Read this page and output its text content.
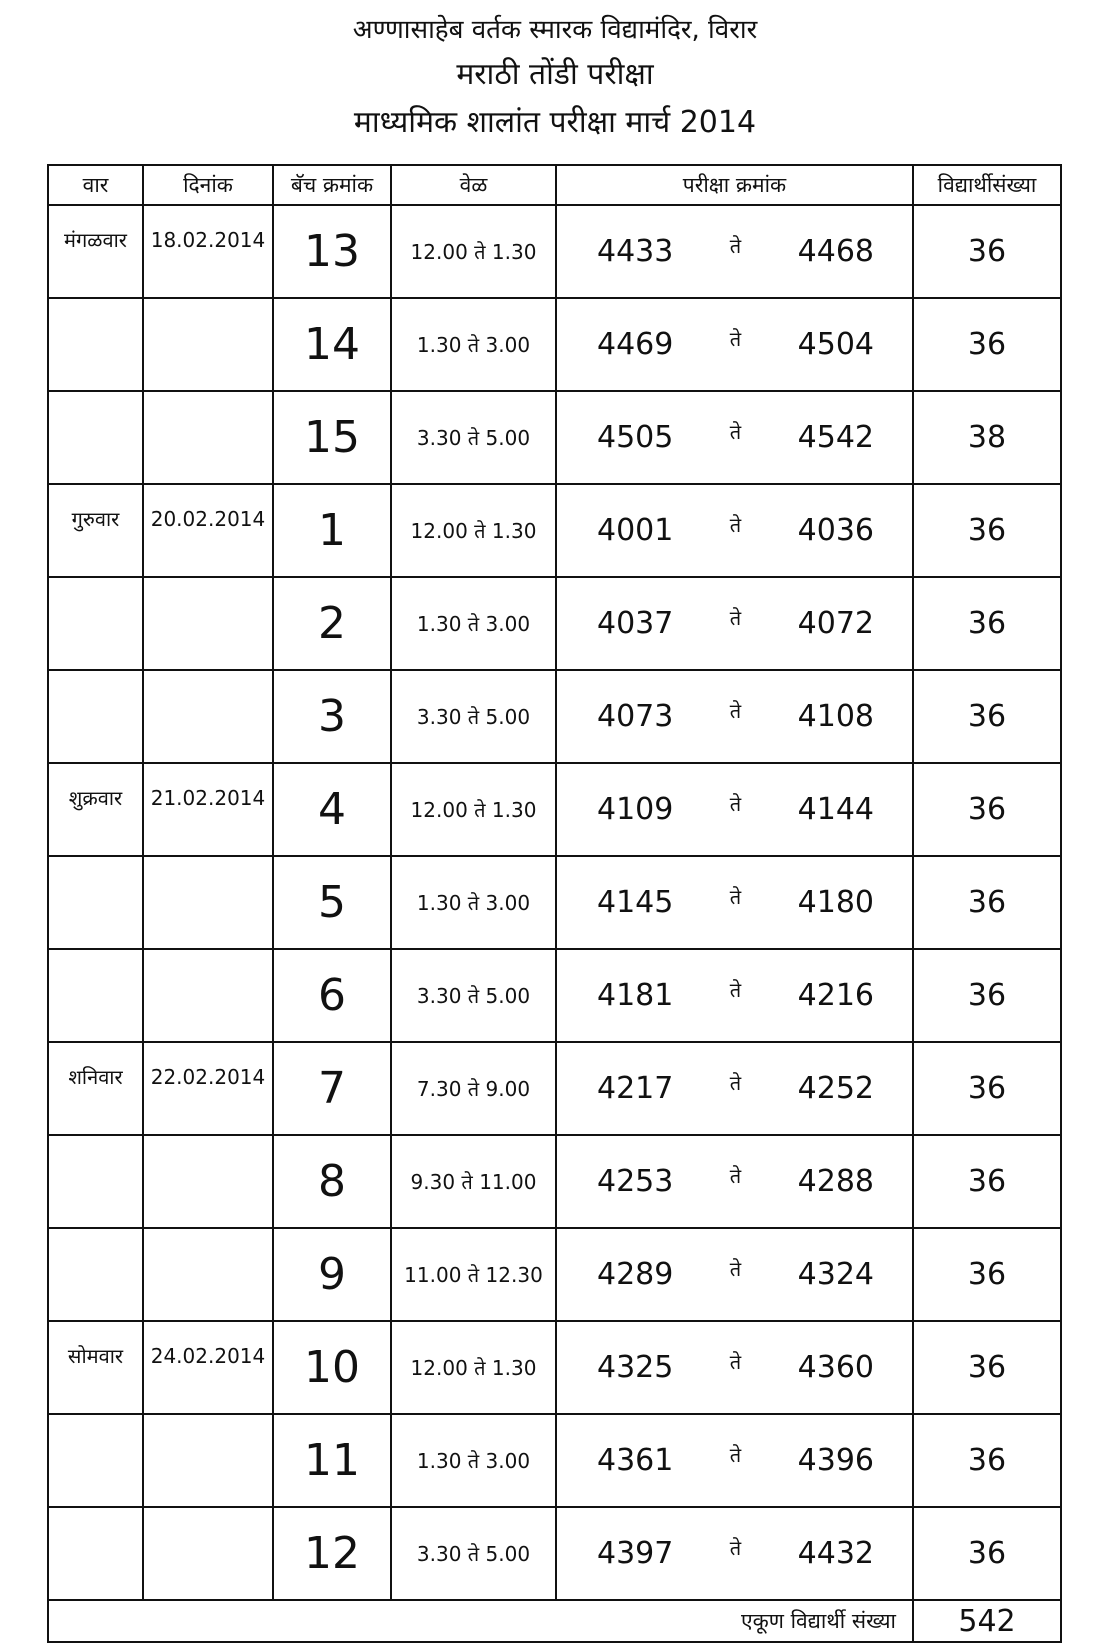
अण्णासाहेब वर्तक स्मारक विद्यामंदिर, विरार
मराठी तोंडी परीक्षा
माध्यमिक शालांत परीक्षा मार्च 2014
वार	दिनांक	बॅच क्रमांक	वेळ	परीक्षा क्रमांक	विद्यार्थीसंख्या
मंगळवार	18.02.2014	13	12.00 ते 1.30	4433 ते 4468	36
		14	1.30 ते 3.00	4469 ते 4504	36
		15	3.30 ते 5.00	4505 ते 4542	38
गुरुवार	20.02.2014	1	12.00 ते 1.30	4001 ते 4036	36
		2	1.30 ते 3.00	4037 ते 4072	36
		3	3.30 ते 5.00	4073 ते 4108	36
शुक्रवार	21.02.2014	4	12.00 ते 1.30	4109 ते 4144	36
		5	1.30 ते 3.00	4145 ते 4180	36
		6	3.30 ते 5.00	4181 ते 4216	36
शनिवार	22.02.2014	7	7.30 ते 9.00	4217 ते 4252	36
		8	9.30 ते 11.00	4253 ते 4288	36
		9	11.00 ते 12.30	4289 ते 4324	36
सोमवार	24.02.2014	10	12.00 ते 1.30	4325 ते 4360	36
		11	1.30 ते 3.00	4361 ते 4396	36
		12	3.30 ते 5.00	4397 ते 4432	36
एकूण विद्यार्थी संख्या					542
